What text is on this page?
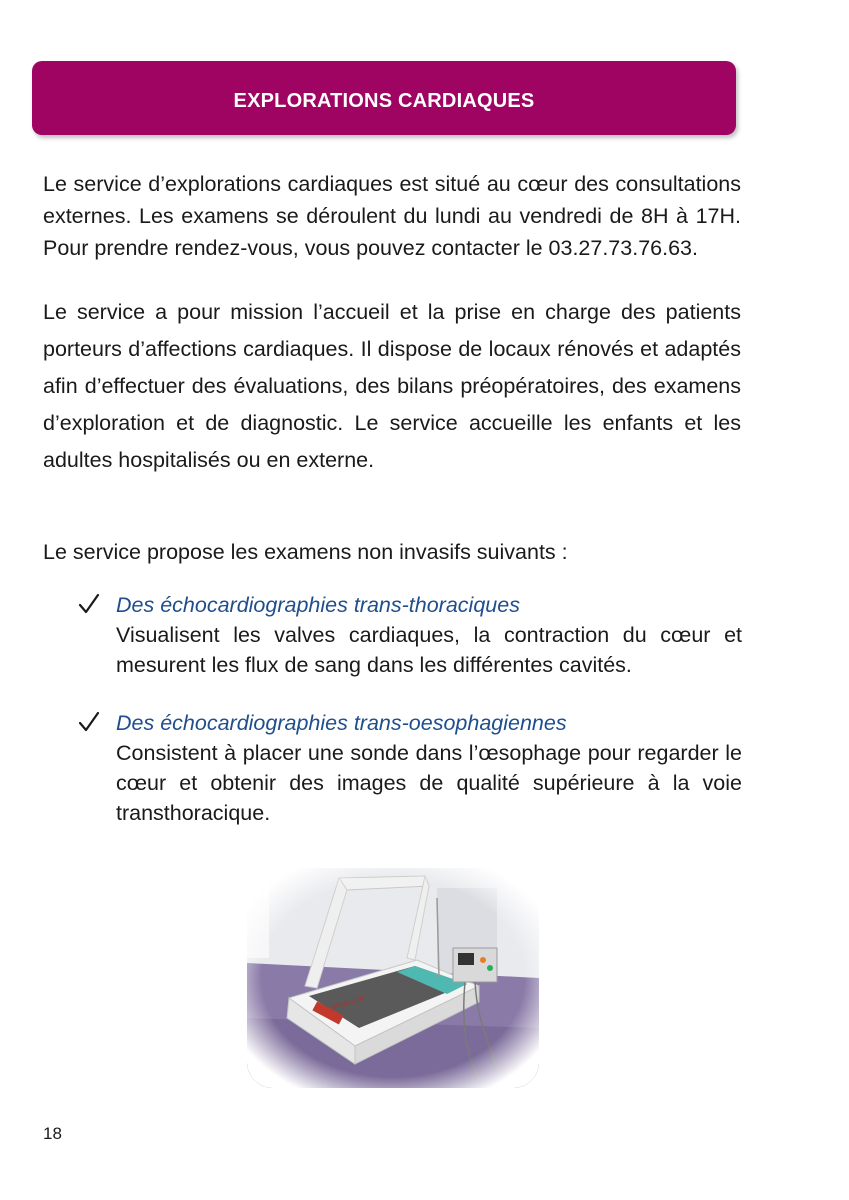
EXPLORATIONS CARDIAQUES

Le service d’explorations cardiaques est situé au cœur des consultations externes. Les examens se déroulent du lundi au vendredi de 8H à 17H. Pour prendre rendez-vous, vous pouvez contacter le 03.27.73.76.63.

Le service a pour mission l’accueil et la prise en charge des patients porteurs d’affections cardiaques. Il dispose de locaux rénovés et adaptés afin d’effectuer des évaluations, des bilans préopératoires, des examens d’exploration et de diagnostic. Le service accueille les enfants et les adultes hospitalisés ou en externe.

Le service propose les examens non invasifs suivants :

Des échocardiographies trans-thoraciques
Visualisent les valves cardiaques, la contraction du cœur et mesurent les flux de sang dans les différentes cavités.
Des échocardiographies trans-oesophagiennes
Consistent à placer une sonde dans l’œsophage pour regarder le cœur et obtenir des images de qualité supérieure à la voie transthoracique.
18
